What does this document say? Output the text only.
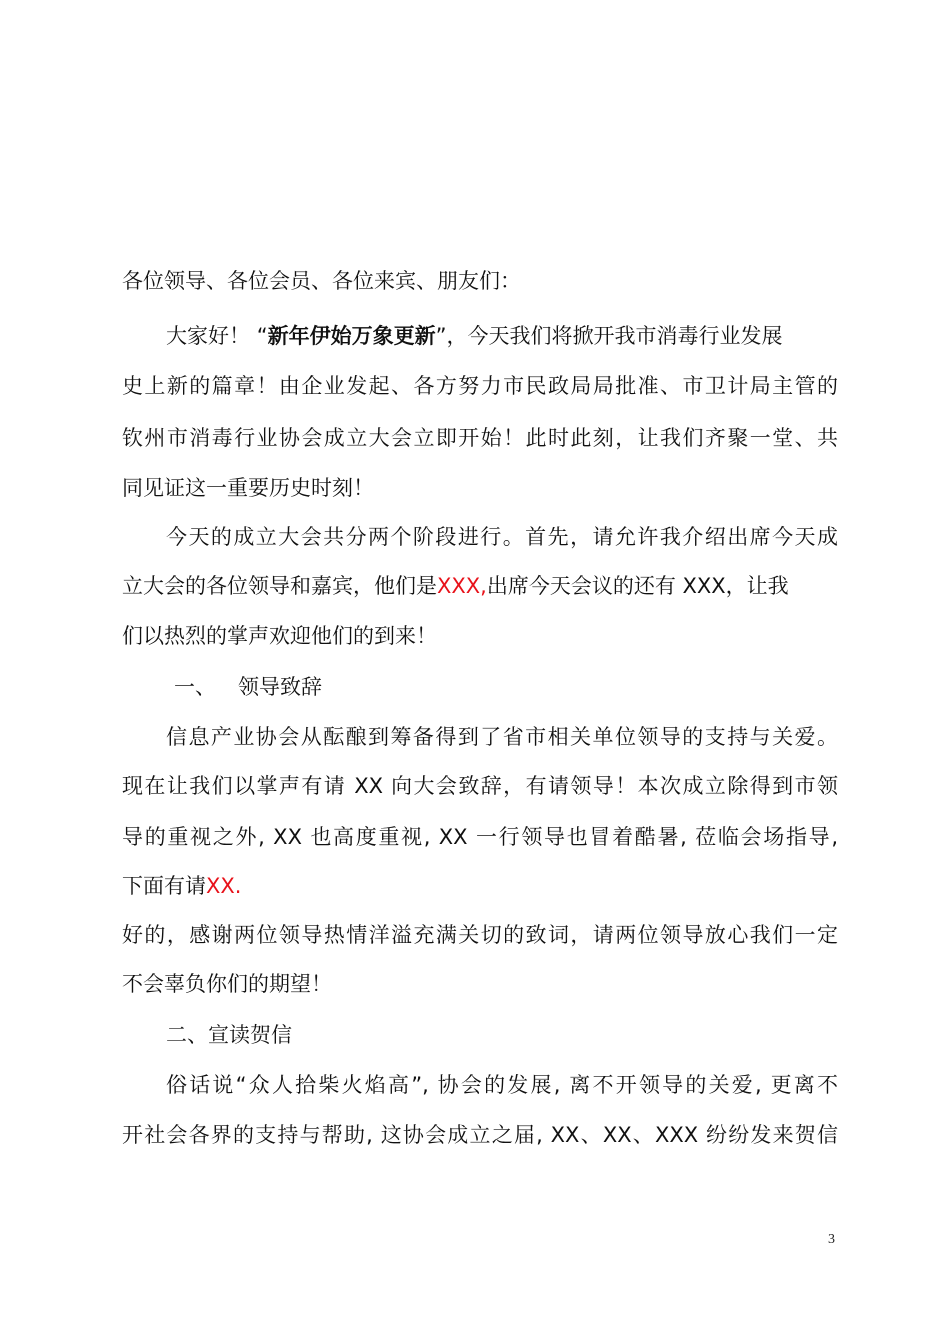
各位领导、各位会员、各位来宾、朋友们：
大家好！ “新年伊始万象更新”，今天我们将掀开我市消毒行业发展
史上新的篇章！由企业发起、各方努力市民政局局批准、市卫计局主管的
钦州市消毒行业协会成立大会立即开始！此时此刻，让我们齐聚一堂、共
同见证这一重要历史时刻！
今天的成立大会共分两个阶段进行。首先，请允许我介绍出席今天成
立大会的各位领导和嘉宾，他们是XXX,出席今天会议的还有 XXX，让我
们以热烈的掌声欢迎他们的到来！
一、 领导致辞
信息产业协会从酝酿到筹备得到了省市相关单位领导的支持与关爱。
现在让我们以掌声有请 XX 向大会致辞，有请领导！本次成立除得到市领
导的重视之外, XX 也高度重视, XX 一行领导也冒着酷暑, 莅临会场指导,
下面有请XX.
好的，感谢两位领导热情洋溢充满关切的致词，请两位领导放心我们一定
不会辜负你们的期望！
二、宣读贺信
俗话说“众人拾柴火焰高”, 协会的发展, 离不开领导的关爱, 更离不
开社会各界的支持与帮助, 这协会成立之届, XX、XX、XXX 纷纷发来贺信
3
